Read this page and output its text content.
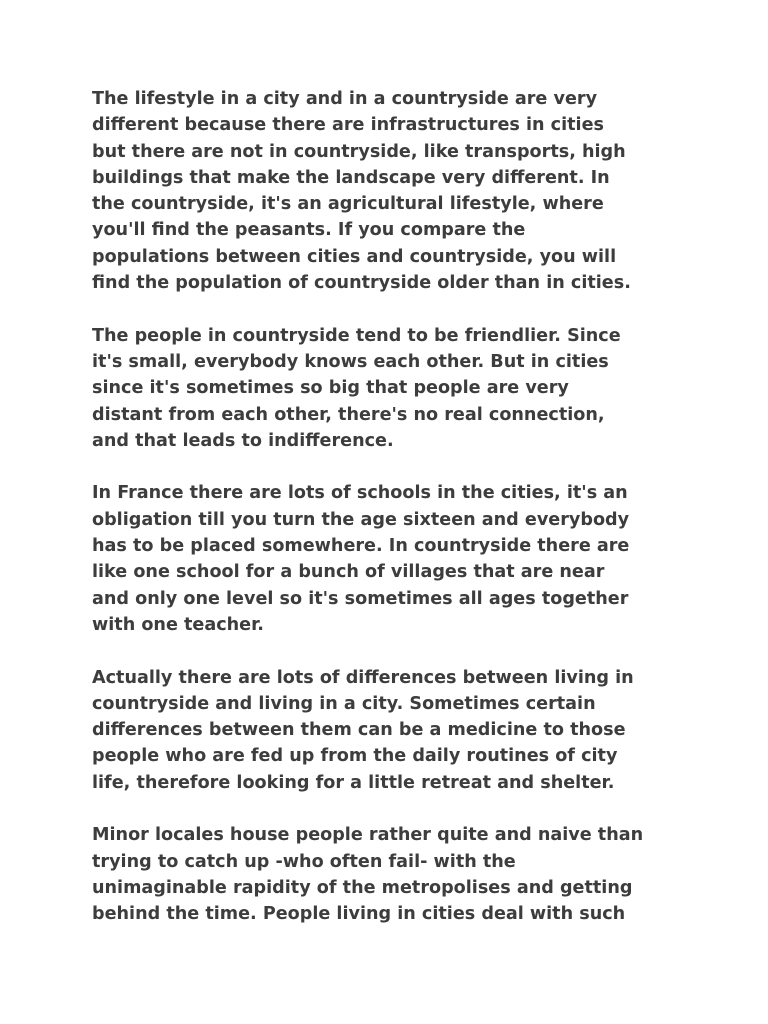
The lifestyle in a city and in a countryside are very
different because there are infrastructures in cities
but there are not in countryside, like transports, high
buildings that make the landscape very different. In
the countryside, it's an agricultural lifestyle, where
you'll find the peasants. If you compare the
populations between cities and countryside, you will
find the population of countryside older than in cities.
The people in countryside tend to be friendlier. Since
it's small, everybody knows each other. But in cities
since it's sometimes so big that people are very
distant from each other, there's no real connection,
and that leads to indifference.
In France there are lots of schools in the cities, it's an
obligation till you turn the age sixteen and everybody
has to be placed somewhere. In countryside there are
like one school for a bunch of villages that are near
and only one level so it's sometimes all ages together
with one teacher.
Actually there are lots of differences between living in
countryside and living in a city. Sometimes certain
differences between them can be a medicine to those
people who are fed up from the daily routines of city
life, therefore looking for a little retreat and shelter.
Minor locales house people rather quite and naive than
trying to catch up -who often fail- with the
unimaginable rapidity of the metropolises and getting
behind the time. People living in cities deal with such
